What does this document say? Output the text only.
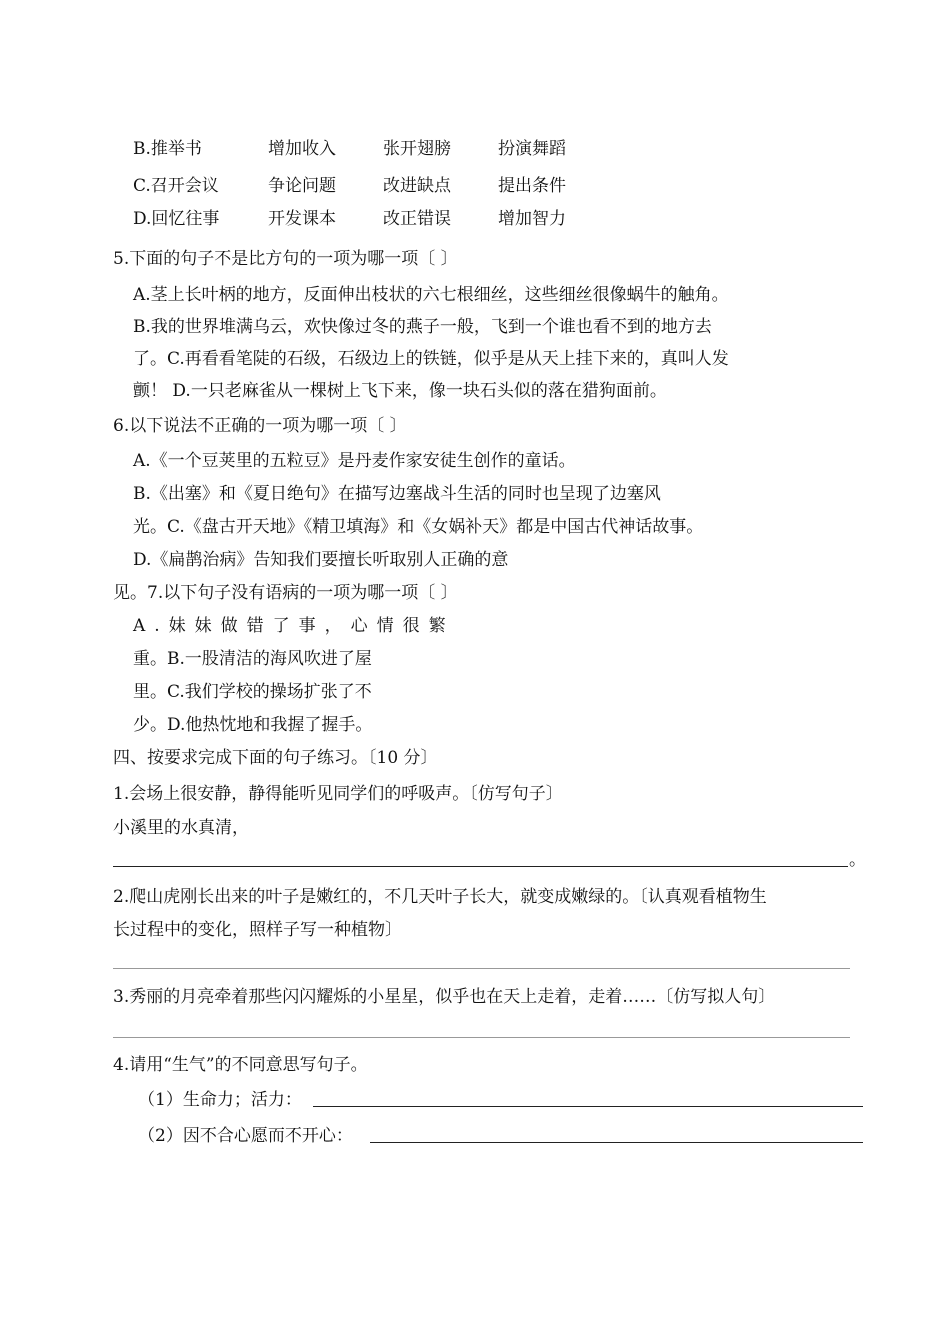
B.推举书	增加收入	张开翅膀	扮演舞蹈
C.召开会议	争论问题	改进缺点	提出条件
D.回忆往事	开发课本	改正错误	增加智力
5.下面的句子不是比方句的一项为哪一项〔 〕
A.茎上长叶柄的地方，反面伸出枝状的六七根细丝，这些细丝很像蜗牛的触角。
B.我的世界堆满乌云，欢快像过冬的燕子一般，飞到一个谁也看不到的地方去
了。C.再看看笔陡的石级，石级边上的铁链，似乎是从天上挂下来的，真叫人发
颤！ D.一只老麻雀从一棵树上飞下来，像一块石头似的落在猎狗面前。
6.以下说法不正确的一项为哪一项〔 〕
A.《一个豆荚里的五粒豆》是丹麦作家安徒生创作的童话。
B.《出塞》和《夏日绝句》在描写边塞战斗生活的同时也呈现了边塞风
光。C.《盘古开天地》《精卫填海》和《女娲补天》都是中国古代神话故事。
D.《扁鹊治病》告知我们要擅长听取别人正确的意
见。7.以下句子没有语病的一项为哪一项〔 〕
A.妹妹做错了事，心情很繁
重。B.一股清洁的海风吹进了屋
里。C.我们学校的操场扩张了不
少。D.他热忱地和我握了握手。
四、按要求完成下面的句子练习。〔10 分〕
1.会场上很安静，静得能听见同学们的呼吸声。〔仿写句子〕
小溪里的水真清，
。
2.爬山虎刚长出来的叶子是嫩红的，不几天叶子长大，就变成嫩绿的。〔认真观看植物生
长过程中的变化，照样子写一种植物〕
3.秀丽的月亮牵着那些闪闪耀烁的小星星，似乎也在天上走着，走着……〔仿写拟人句〕
4.请用“生气”的不同意思写句子。
（1）生命力；活力：
（2）因不合心愿而不开心：
